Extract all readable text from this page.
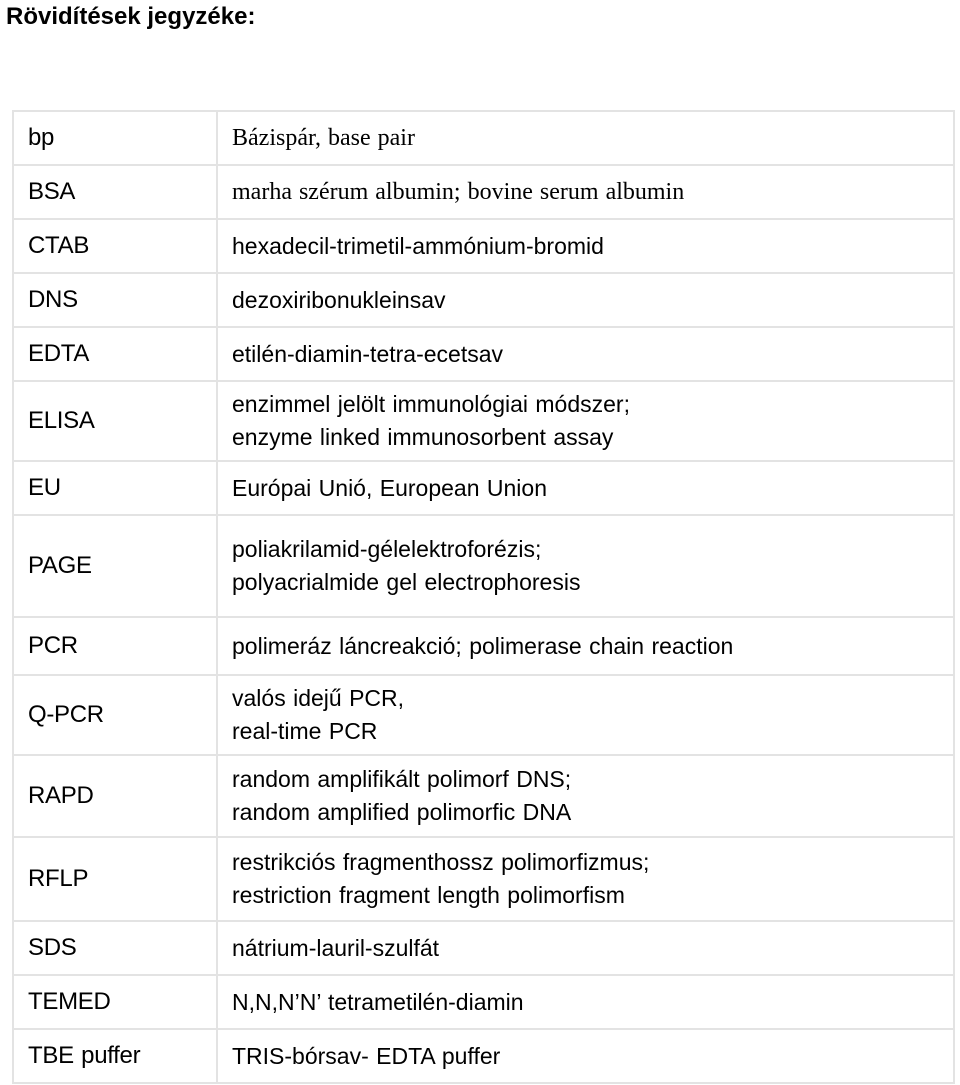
Rövidítések jegyzéke:
bp	Bázispár, base pair

BSA	marha szérum albumin; bovine serum albumin

CTAB	hexadecil-trimetil-ammónium-bromid

DNS	dezoxiribonukleinsav

EDTA	etilén-diamin-tetra-ecetsav

ELISA	enzimmel jelölt immunológiai módszer;
enzyme linked immunosorbent assay

EU	Európai Unió, European Union

PAGE	poliakrilamid-gélelektroforézis;
polyacrialmide gel electrophoresis

PCR	polimeráz láncreakció; polimerase chain reaction

Q-PCR	valós idejű PCR,
real-time PCR

RAPD	random amplifikált polimorf DNS;
random amplified polimorfic DNA

RFLP	restrikciós fragmenthossz polimorfizmus;
restriction fragment length polimorfism

SDS	nátrium-lauril-szulfát

TEMED	N,N,N’N’ tetrametilén-diamin

TBE puffer	TRIS-bórsav- EDTA puffer
